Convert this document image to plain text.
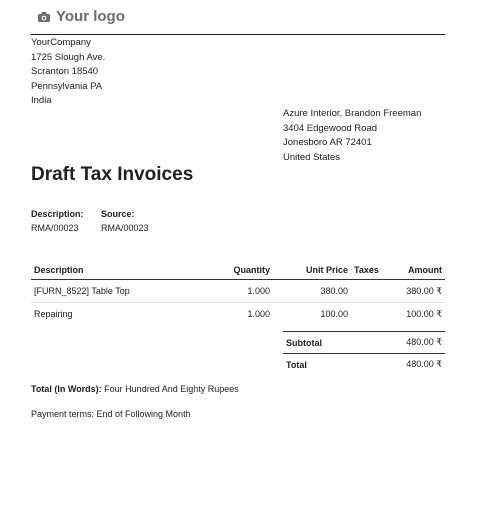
Your logo
YourCompany
1725 Slough Ave.
Scranton 18540
Pennsylvania PA
India
Azure Interior, Brandon Freeman
3404 Edgewood Road
Jonesboro AR 72401
United States
Draft Tax Invoices
Description:
RMA/00023
Source:
RMA/00023
Description	Quantity	Unit Price	Taxes	Amount
[FURN_8522] Table Top	1.000	380.00		380.00 ₹
Repairing	1.000	100.00		100.00 ₹
Subtotal	480.00 ₹
Total	480.00 ₹
Total (In Words): Four Hundred And Eighty Rupees
Payment terms: End of Following Month
